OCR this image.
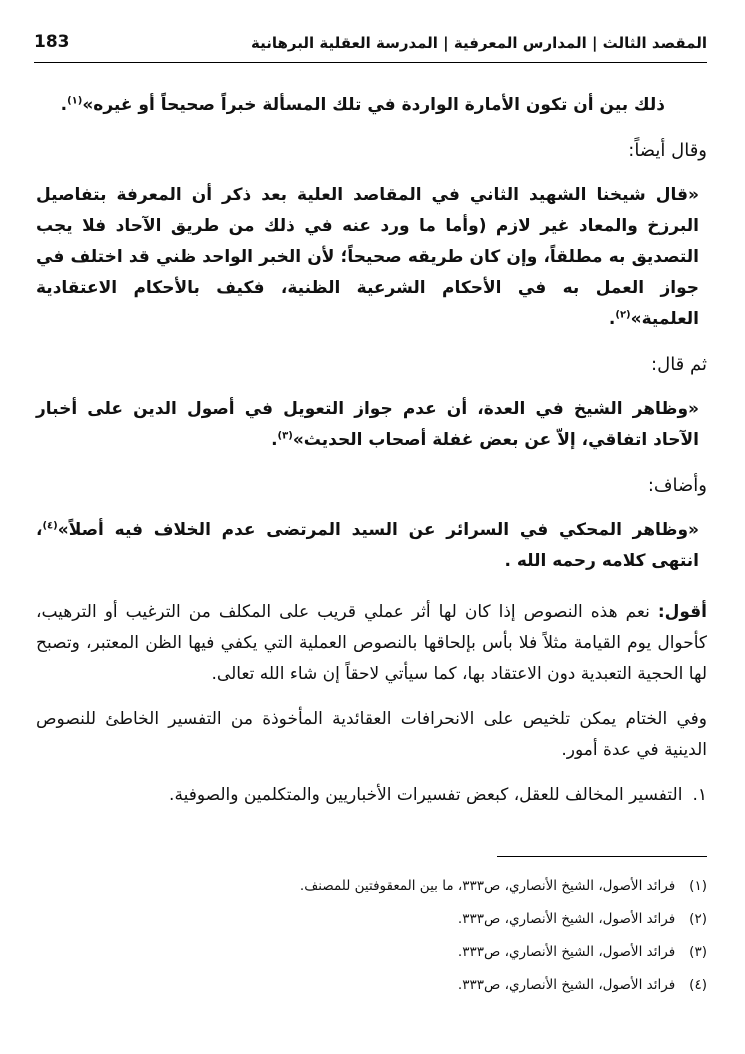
المقصد الثالث | المدارس المعرفية | المدرسة العقلية البرهانية
183

ذلك بين أن تكون الأمارة الواردة في تلك المسألة خبراً صحيحاً أو غيره»$^{(١)}$.

وقال أيضاً:

«قال شيخنا الشهيد الثاني في المقاصد العلية بعد ذكر أن المعرفة بتفاصيل البرزخ والمعاد غير لازم (وأما ما ورد عنه في ذلك من طريق الآحاد فلا يجب التصديق به مطلقاً، وإن كان طريقه صحيحاً؛ لأن الخبر الواحد ظني قد اختلف في جواز العمل به في الأحكام الشرعية الظنية، فكيف بالأحكام الاعتقادية العلمية»$^{(٢)}$.

ثم قال:

«وظاهر الشيخ في العدة، أن عدم جواز التعويل في أصول الدين على أخبار الآحاد اتفاقي، إلاّ عن بعض غفلة أصحاب الحديث»$^{(٣)}$.

وأضاف:

«وظاهر المحكي في السرائر عن السيد المرتضى عدم الخلاف فيه أصلاً»$^{(٤)}$، انتهى كلامه رحمه الله .

أقول: نعم هذه النصوص إذا كان لها أثر عملي قريب على المكلف من الترغيب أو الترهيب، كأحوال يوم القيامة مثلاً فلا بأس بإلحاقها بالنصوص العملية التي يكفي فيها الظن المعتبر، وتصبح لها الحجية التعبدية دون الاعتقاد بها، كما سيأتي لاحقاً إن شاء الله تعالى.

وفي الختام يمكن تلخيص على الانحرافات العقائدية المأخوذة من التفسير الخاطئ للنصوص الدينية في عدة أمور.

١.
التفسير المخالف للعقل، كبعض تفسيرات الأخباريين والمتكلمين والصوفية.
(١)
فرائد الأصول، الشيخ الأنصاري، ص٣٣٣، ما بين المعقوفتين للمصنف.
(٢)
فرائد الأصول، الشيخ الأنصاري، ص٣٣٣.
(٣)
فرائد الأصول، الشيخ الأنصاري، ص٣٣٣.
(٤)
فرائد الأصول، الشيخ الأنصاري، ص٣٣٣.
